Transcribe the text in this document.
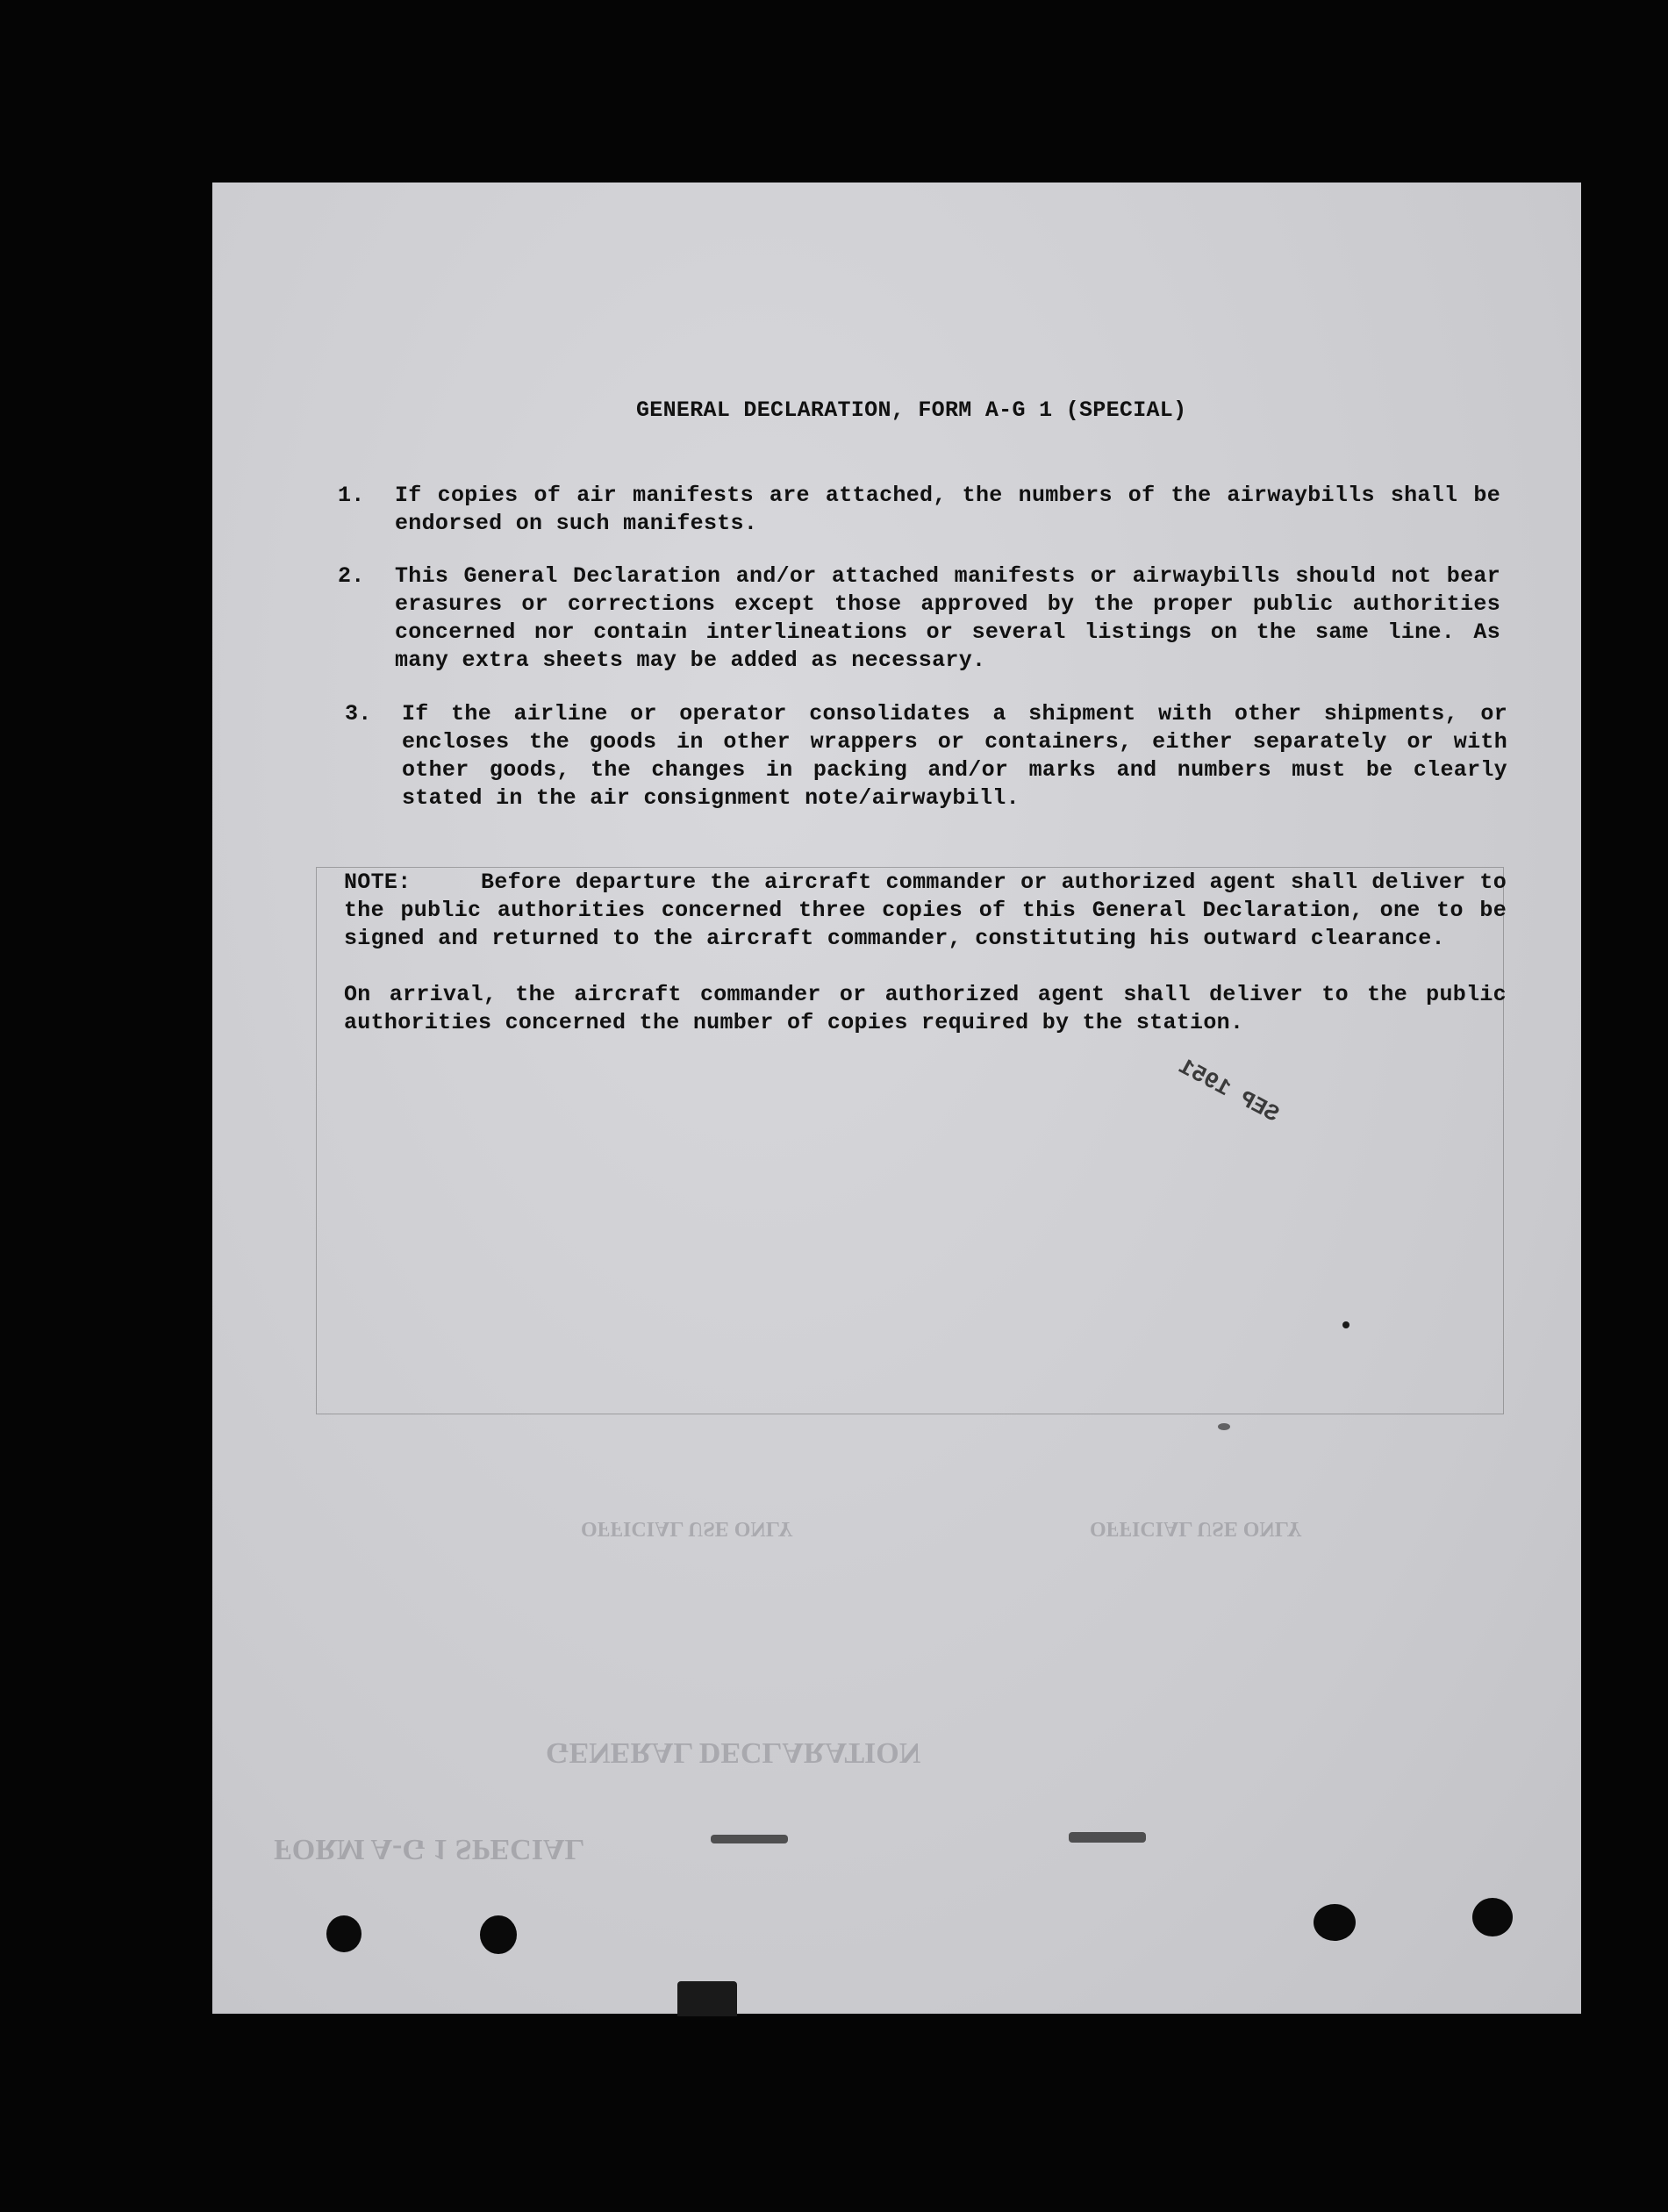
GENERAL DECLARATION
OFFICIAL USE ONLY
FORM A-G 1 SPECIAL
OFFICIAL USE ONLY
GENERAL DECLARATION, FORM A-G 1 (SPECIAL)
1.	If copies of air manifests are attached, the numbers of the airwaybills shall be endorsed on such manifests.
2.	This General Declaration and/or attached manifests or airwaybills should not bear erasures or corrections except those approved by the proper public authorities concerned nor contain interlineations or several listings on the same line. As many extra sheets may be added as necessary.
3.	If the airline or operator consolidates a shipment with other shipments, or encloses the goods in other wrappers or containers, either separately or with other goods, the changes in packing and/or marks and numbers must be clearly stated in the air consignment note/airwaybill.
NOTE:	Before departure the aircraft commander or authorized agent shall deliver to the public authorities concerned three copies of this General Declaration, one to be signed and returned to the aircraft commander, constituting his outward clearance.
On arrival, the aircraft commander or authorized agent shall deliver to the public authorities concerned the number of copies required by the station.
SEP 1951
